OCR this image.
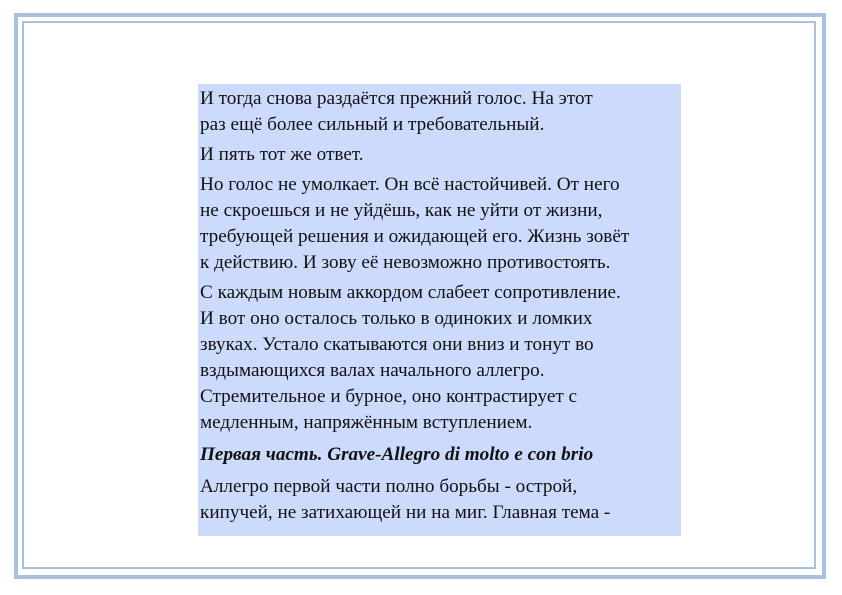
И тогда снова раздаётся прежний голос. На этот
раз ещё более сильный и требовательный.

И пять тот же ответ.

Но голос не умолкает. Он всё настойчивей. От него
не скроешься и не уйдёшь, как не уйти от жизни,
требующей решения и ожидающей его. Жизнь зовёт
к действию. И зову её невозможно противостоять.

С каждым новым аккордом слабеет сопротивление.
И вот оно осталось только в одиноких и ломких
звуках. Устало скатываются они вниз и тонут во
вздымающихся валах начального аллегро.
Стремительное и бурное, оно контрастирует с
медленным, напряжённым вступлением.

Первая часть. Grave-Allegro di molto e con brio

Аллегро первой части полно борьбы - острой,
кипучей, не затихающей ни на миг. Главная тема -
